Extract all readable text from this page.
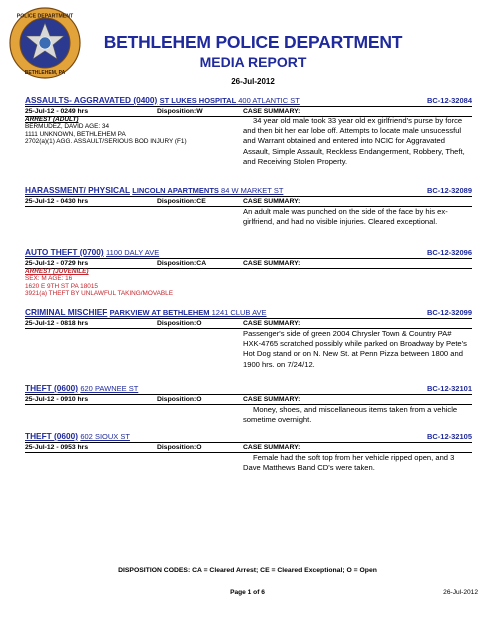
POLICE DEPARTMENT
BETHLEHEM, PA
BETHLEHEM POLICE DEPARTMENT
MEDIA REPORT
26-Jul-2012
ASSAULTS- AGGRAVATED (0400) ST LUKES HOSPITAL 400 ATLANTIC ST	BC-12-32084
25-Jul-12 - 0249 hrs	Disposition:W	CASE SUMMARY:
ARREST (ADULT)
BERMUDEZ, DAVID AGE: 34
1111 UNKNOWN, BETHLEHEM PA
2702(a)(1) AGG. ASSAULT/SERIOUS BOD INJURY (F1)
34 year old male took 33 year old ex girlfriend's purse by force and then bit her ear lobe off. Attempts to locate male unsucessful and Warrant obtained and entered into NCIC for Aggravated Assault, Simple Assault, Reckless Endangerment, Robbery, Theft, and Receiving Stolen Property.
HARASSMENT/ PHYSICAL LINCOLN APARTMENTS 84 W MARKET ST	BC-12-32089
25-Jul-12 - 0430 hrs	Disposition:CE	CASE SUMMARY:
An adult male was punched on the side of the face by his ex-girlfriend, and had no visible injuries. Cleared exceptional.
AUTO THEFT (0700) 1100 DALY AVE	BC-12-32096
25-Jul-12 - 0729 hrs	Disposition:CA	CASE SUMMARY:
ARREST (JUVENILE)
SEX: M AGE: 16
1620 E 9TH ST PA 18015
3921(a) THEFT BY UNLAWFUL TAKING/MOVABLE
CRIMINAL MISCHIEF PARKVIEW AT BETHLEHEM 1241 CLUB AVE	BC-12-32099
25-Jul-12 - 0818 hrs	Disposition:O	CASE SUMMARY:
Passenger's side of green 2004 Chrysler Town & Country PA# HXK-4765 scratched possibly while parked on Broadway by Pete's Hot Dog stand or on N. New St. at Penn Pizza between 1800 and 1900 hrs. on 7/24/12.
THEFT (0600) 620 PAWNEE ST	BC-12-32101
25-Jul-12 - 0910 hrs	Disposition:O	CASE SUMMARY:
Money, shoes, and miscellaneous items taken from a vehicle sometime overnight.
THEFT (0600) 602 SIOUX ST	BC-12-32105
25-Jul-12 - 0953 hrs	Disposition:O	CASE SUMMARY:
Female had the soft top from her vehicle ripped open, and 3 Dave Matthews Band CD's were taken.
DISPOSITION CODES: CA = Cleared Arrest; CE = Cleared Exceptional; O = Open
Page 1 of 6	26-Jul-2012
